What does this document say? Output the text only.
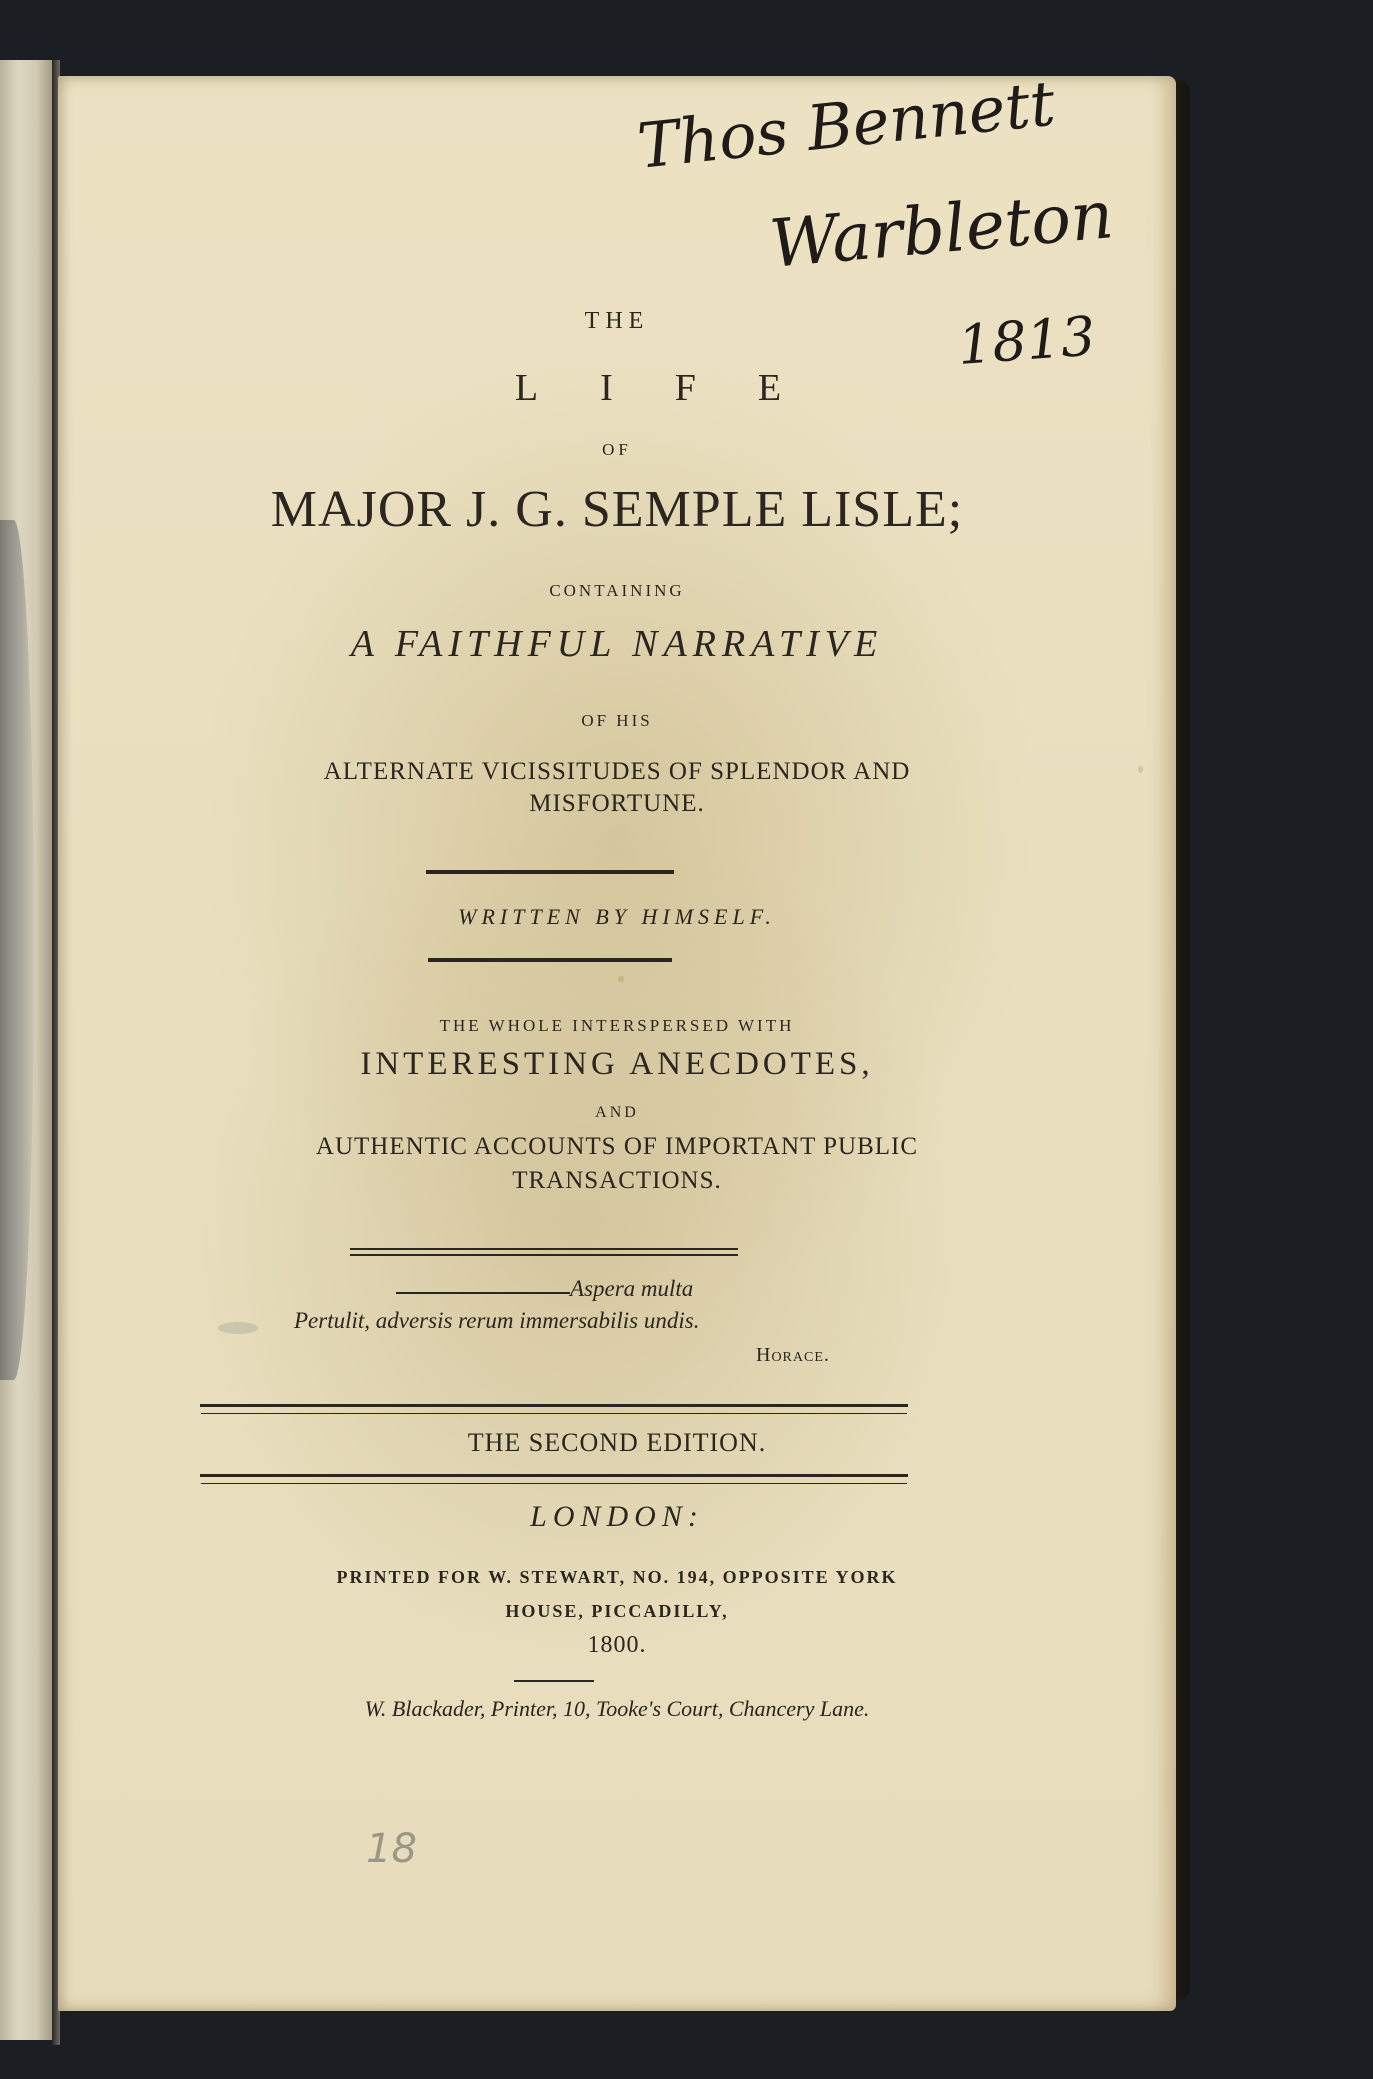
Thos Bennett
Warbleton
1813
THE
LIFE
OF
MAJOR J. G. SEMPLE LISLE;
CONTAINING
A FAITHFUL NARRATIVE
OF HIS
ALTERNATE VICISSITUDES OF SPLENDOR AND
MISFORTUNE.
WRITTEN BY HIMSELF.
THE WHOLE INTERSPERSED WITH
INTERESTING ANECDOTES,
AND
AUTHENTIC ACCOUNTS OF IMPORTANT PUBLIC
TRANSACTIONS.
Aspera multa
Pertulit, adversis rerum immersabilis undis.
Horace.
THE SECOND EDITION.
LONDON:
PRINTED FOR W. STEWART, NO. 194, OPPOSITE YORK
HOUSE, PICCADILLY,
1800.
W. Blackader, Printer, 10, Tooke's Court, Chancery Lane.
18
